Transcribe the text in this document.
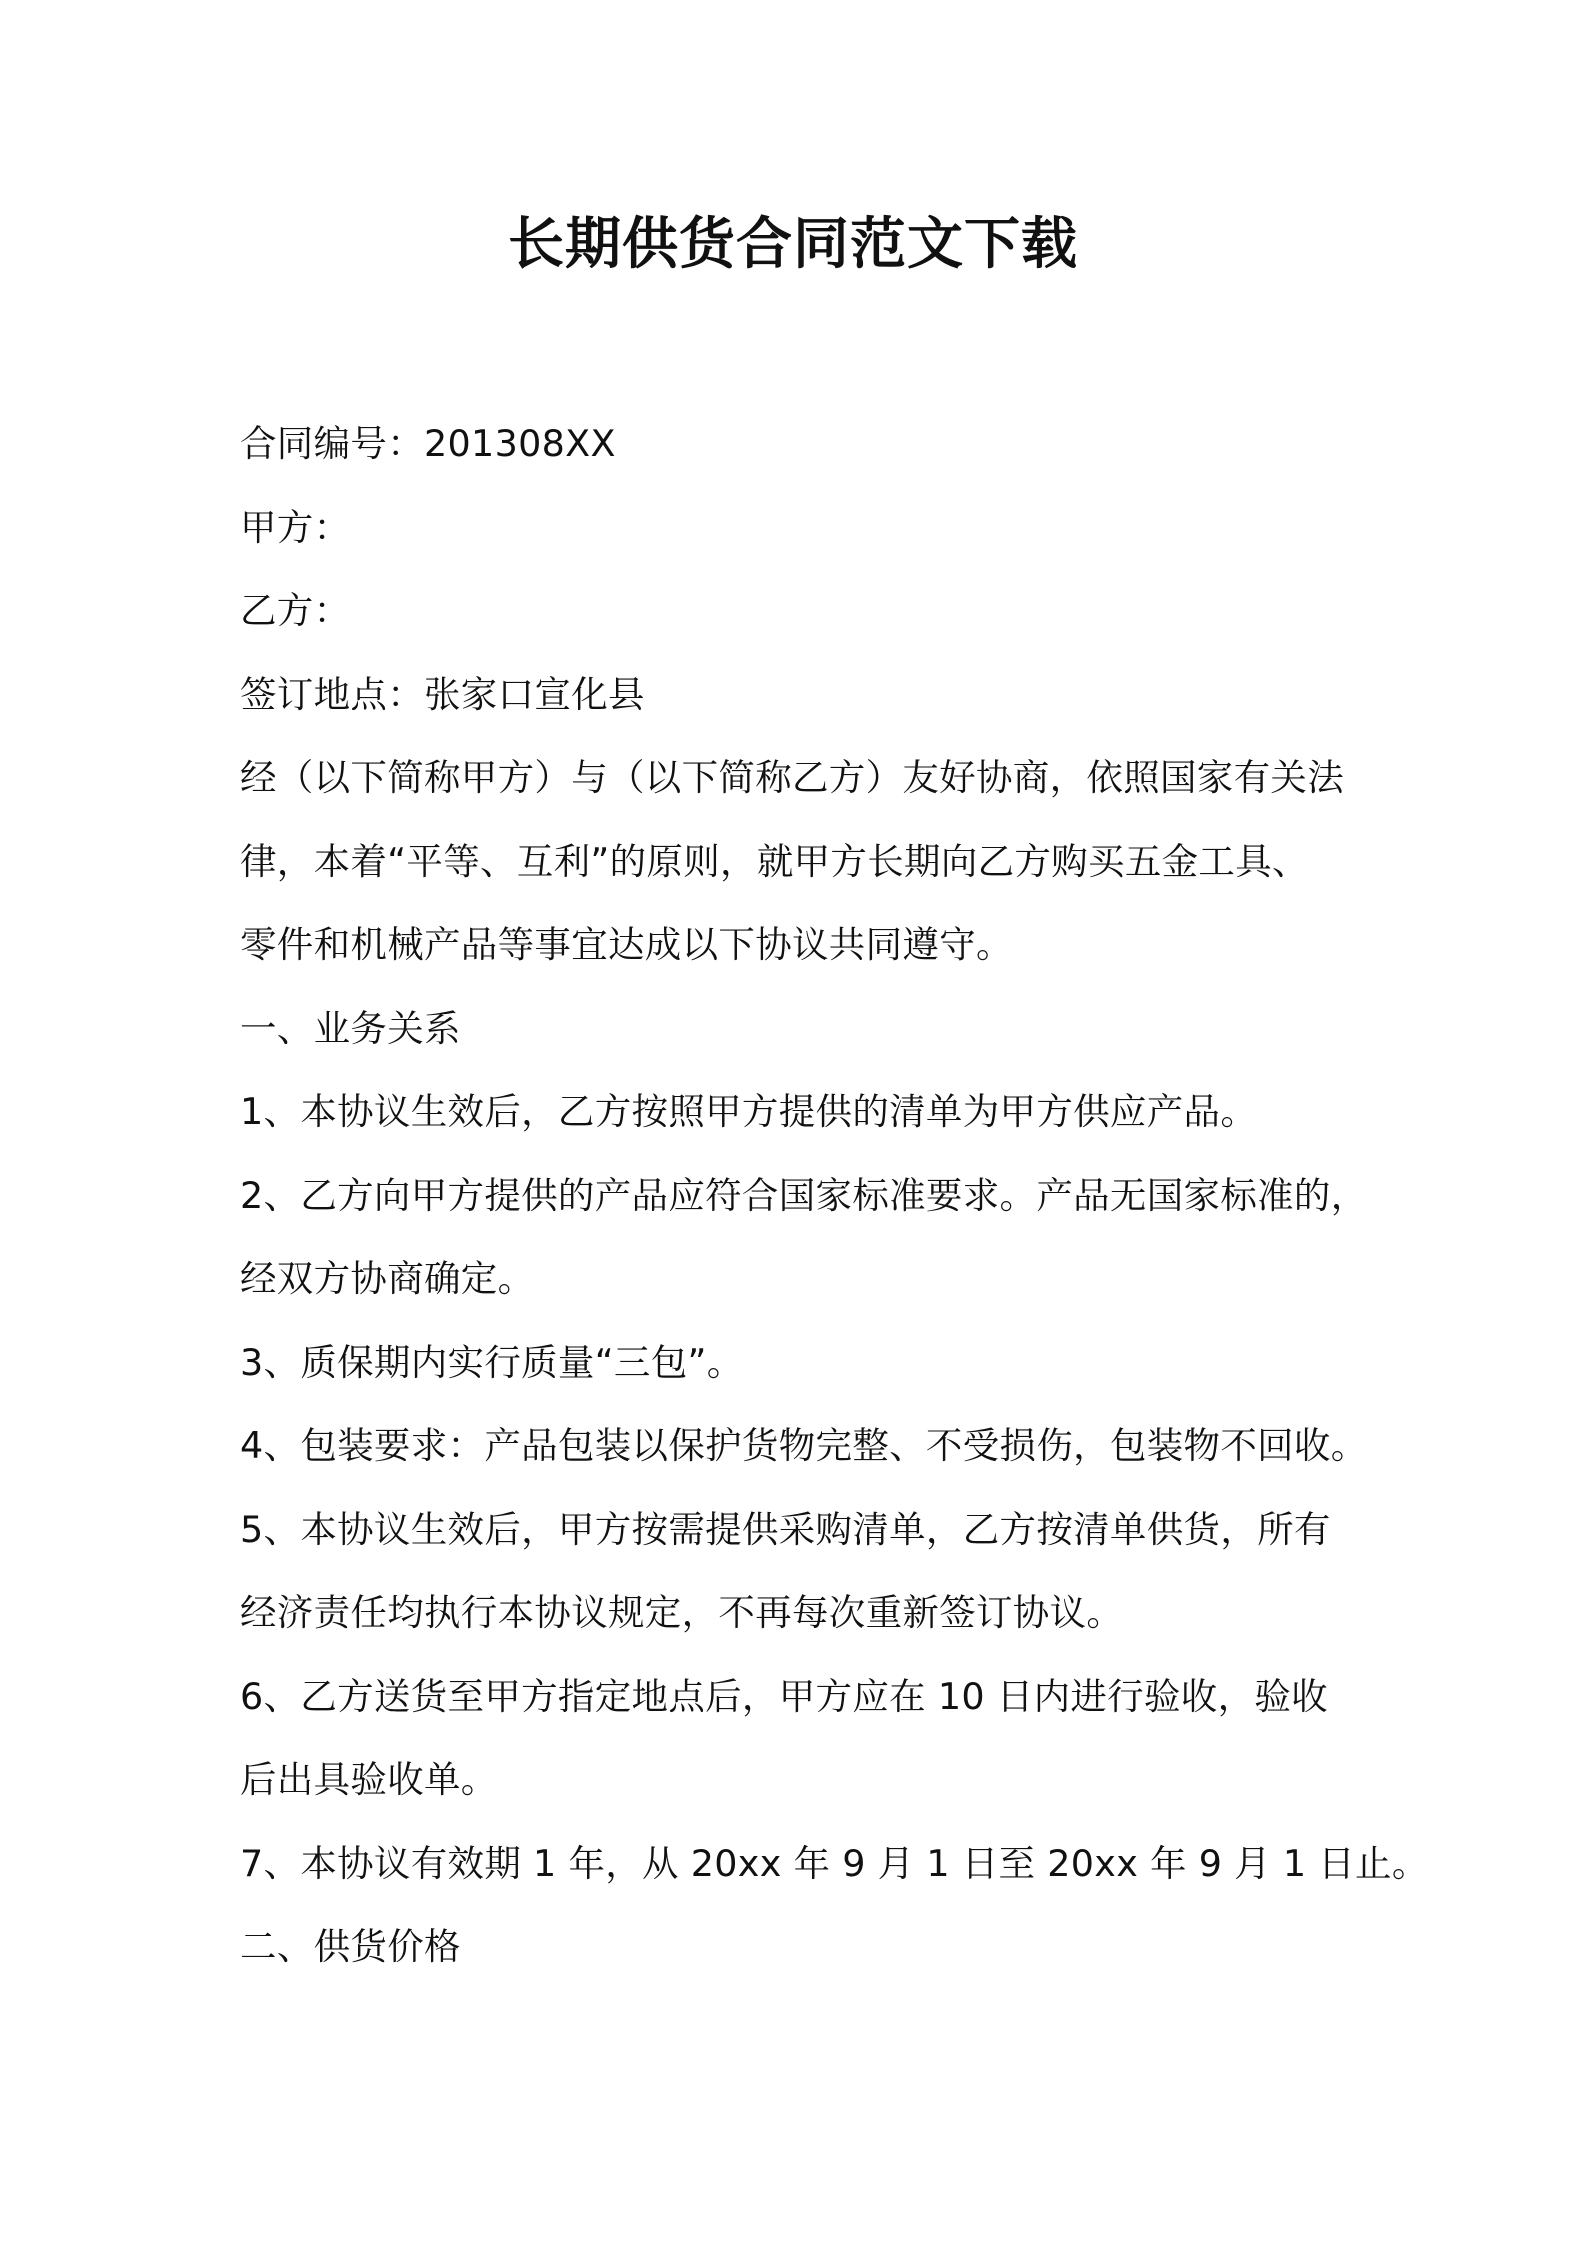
长期供货合同范文下载
合同编号：201308XX
甲方：
乙方：
签订地点：张家口宣化县
经（以下简称甲方）与（以下简称乙方）友好协商，依照国家有关法
律，本着“平等、互利”的原则，就甲方长期向乙方购买五金工具、
零件和机械产品等事宜达成以下协议共同遵守。
一、业务关系
1、本协议生效后，乙方按照甲方提供的清单为甲方供应产品。
2、乙方向甲方提供的产品应符合国家标准要求。产品无国家标准的，
经双方协商确定。
3、质保期内实行质量“三包”。
4、包装要求：产品包装以保护货物完整、不受损伤，包装物不回收。
5、本协议生效后，甲方按需提供采购清单，乙方按清单供货，所有
经济责任均执行本协议规定，不再每次重新签订协议。
6、乙方送货至甲方指定地点后，甲方应在 10 日内进行验收，验收
后出具验收单。
7、本协议有效期 1 年，从 20xx 年 9 月 1 日至 20xx 年 9 月 1 日止。
二、供货价格
